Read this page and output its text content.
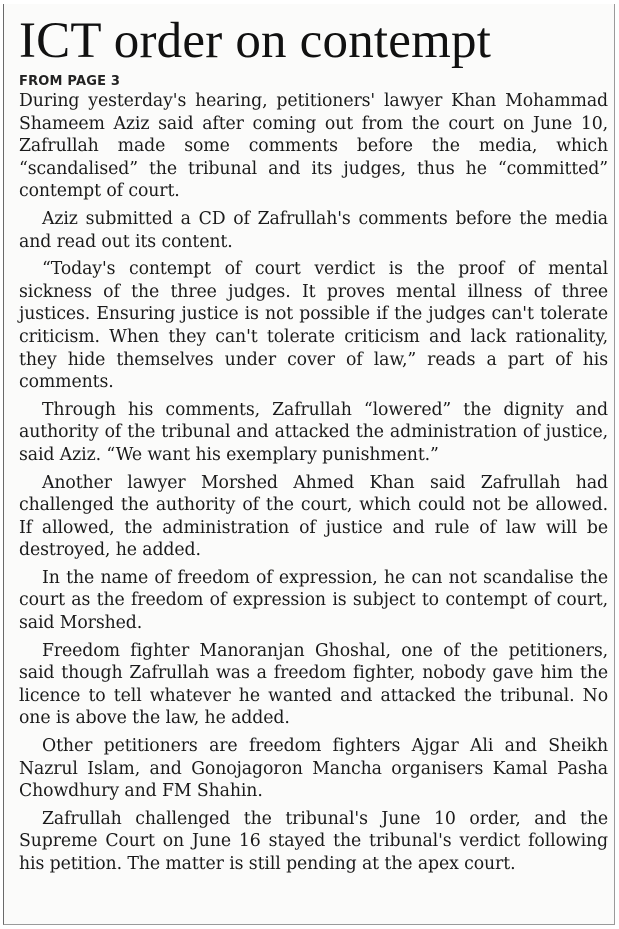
ICT order on contempt
FROM PAGE 3

During yesterday's hearing, petitioners' lawyer Khan Mohammad Shameem Aziz said after coming out from the court on June 10, Zafrullah made some comments before the media, which “scandalised” the tribunal and its judges, thus he “committed” contempt of court.

Aziz submitted a CD of Zafrullah's comments before the media and read out its content.

“Today's contempt of court verdict is the proof of mental sickness of the three judges. It proves mental illness of three justices. Ensuring justice is not possible if the judges can't tolerate criticism. When they can't tolerate criticism and lack rationality, they hide themselves under cover of law,” reads a part of his comments.

Through his comments, Zafrullah “lowered” the dignity and authority of the tribunal and attacked the administration of justice, said Aziz. “We want his exemplary punishment.”

Another lawyer Morshed Ahmed Khan said Zafrullah had challenged the authority of the court, which could not be allowed. If allowed, the administration of justice and rule of law will be destroyed, he added.

In the name of freedom of expression, he can not scandalise the court as the freedom of expression is subject to contempt of court, said Morshed.

Freedom fighter Manoranjan Ghoshal, one of the petitioners, said though Zafrullah was a freedom fighter, nobody gave him the licence to tell whatever he wanted and attacked the tribunal. No one is above the law, he added.

Other petitioners are freedom fighters Ajgar Ali and Sheikh Nazrul Islam, and Gonojagoron Mancha organisers Kamal Pasha Chowdhury and FM Shahin.

Zafrullah challenged the tribunal's June 10 order, and the Supreme Court on June 16 stayed the tribunal's verdict following his petition. The matter is still pending at the apex court.
